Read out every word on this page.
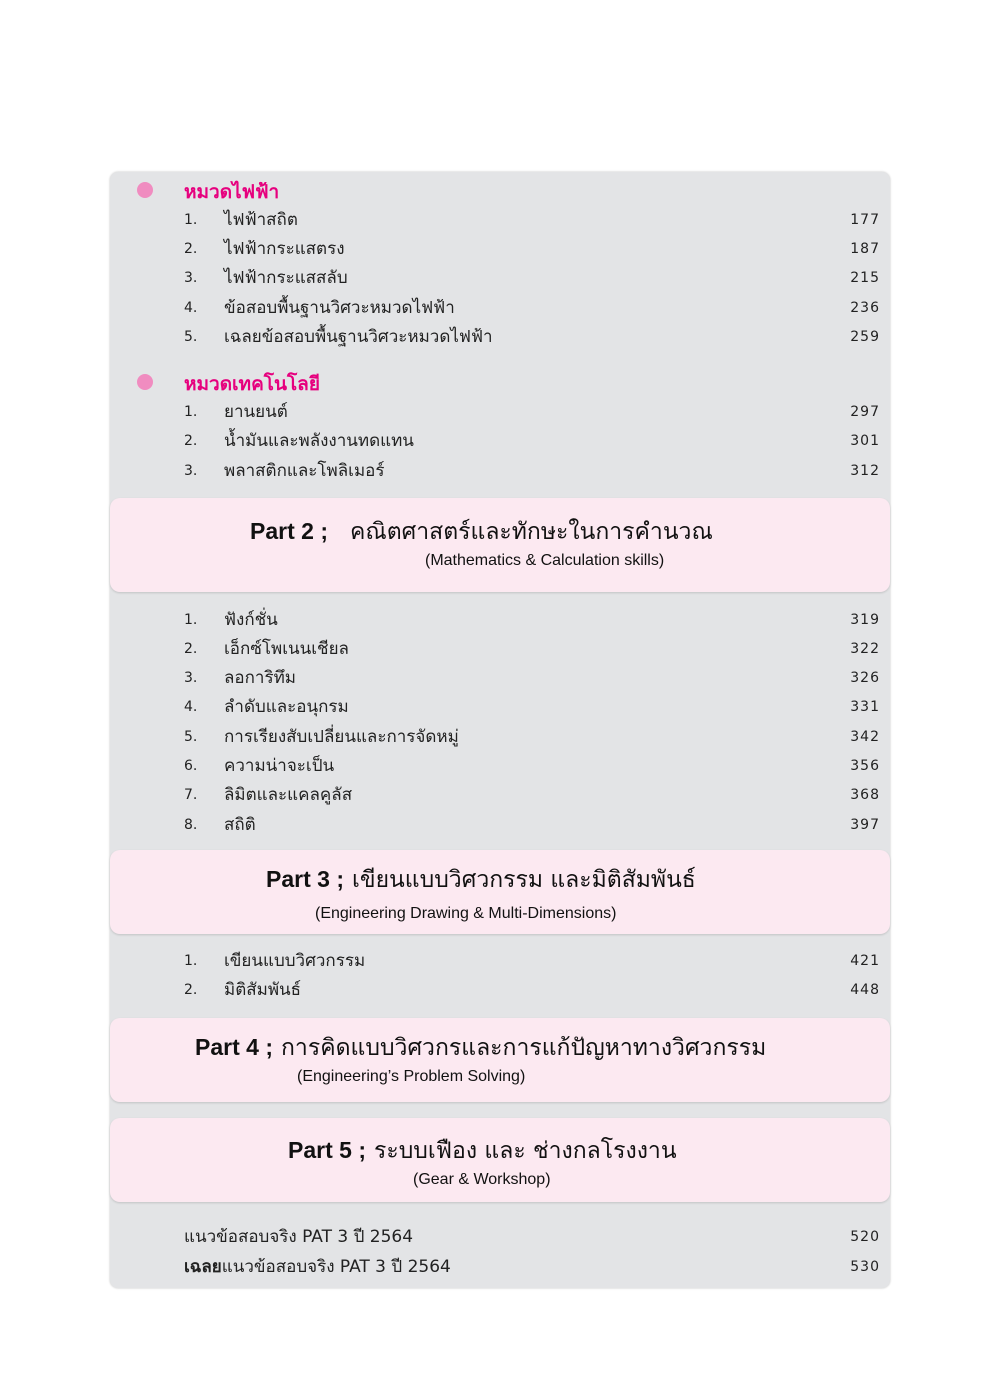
หมวดไฟฟ้า
1. ไฟฟ้าสถิต	177
2. ไฟฟ้ากระแสตรง	187
3. ไฟฟ้ากระแสสลับ	215
4. ข้อสอบพื้นฐานวิศวะหมวดไฟฟ้า	236
5. เฉลยข้อสอบพื้นฐานวิศวะหมวดไฟฟ้า	259
หมวดเทคโนโลยี
1. ยานยนต์	297
2. น้ำมันและพลังงานทดแทน	301
3. พลาสติกและโพลิเมอร์	312
Part 2 ; คณิตศาสตร์และทักษะในการคำนวณ
(Mathematics & Calculation skills)
1. ฟังก์ชั่น	319
2. เอ็กซ์โพเนนเชียล	322
3. ลอการิทึม	326
4. ลำดับและอนุกรม	331
5. การเรียงสับเปลี่ยนและการจัดหมู่	342
6. ความน่าจะเป็น	356
7. ลิมิตและแคลคูลัส	368
8. สถิติ	397
Part 3 ; เขียนแบบวิศวกรรม และมิติสัมพันธ์
(Engineering Drawing & Multi-Dimensions)
1. เขียนแบบวิศวกรรม	421
2. มิติสัมพันธ์	448
Part 4 ; การคิดแบบวิศวกรและการแก้ปัญหาทางวิศวกรรม
(Engineering’s Problem Solving)
Part 5 ; ระบบเฟือง และ ช่างกลโรงงาน
(Gear & Workshop)
แนวข้อสอบจริง PAT 3 ปี 2564	520
เฉลยแนวข้อสอบจริง PAT 3 ปี 2564	530
